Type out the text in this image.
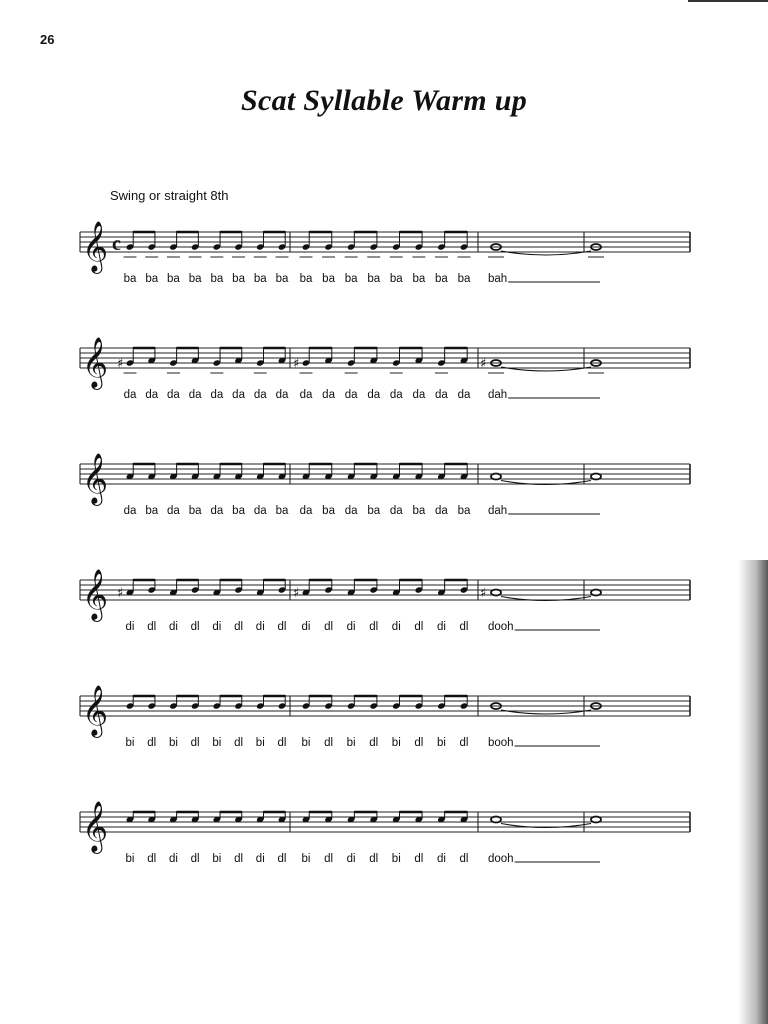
26
Scat Syllable Warm up
Swing or straight 8th
𝄞 c
ba ba ba ba ba ba ba ba ba ba ba ba ba ba ba ba bah
𝄞
da da da da da da da da da da da da da da da da
♯	♯	♯
dah
𝄞
da ba da ba da ba da ba da ba da ba da ba da ba dah
𝄞
di dl di dl di dl di dl di dl di dl di dl di dl
♯	♯	♯
dooh
𝄞
bi dl bi dl bi dl bi dl bi dl bi dl bi dl bi dl booh
𝄞
bi dl di dl bi dl di dl bi dl di dl bi dl di dl dooh
